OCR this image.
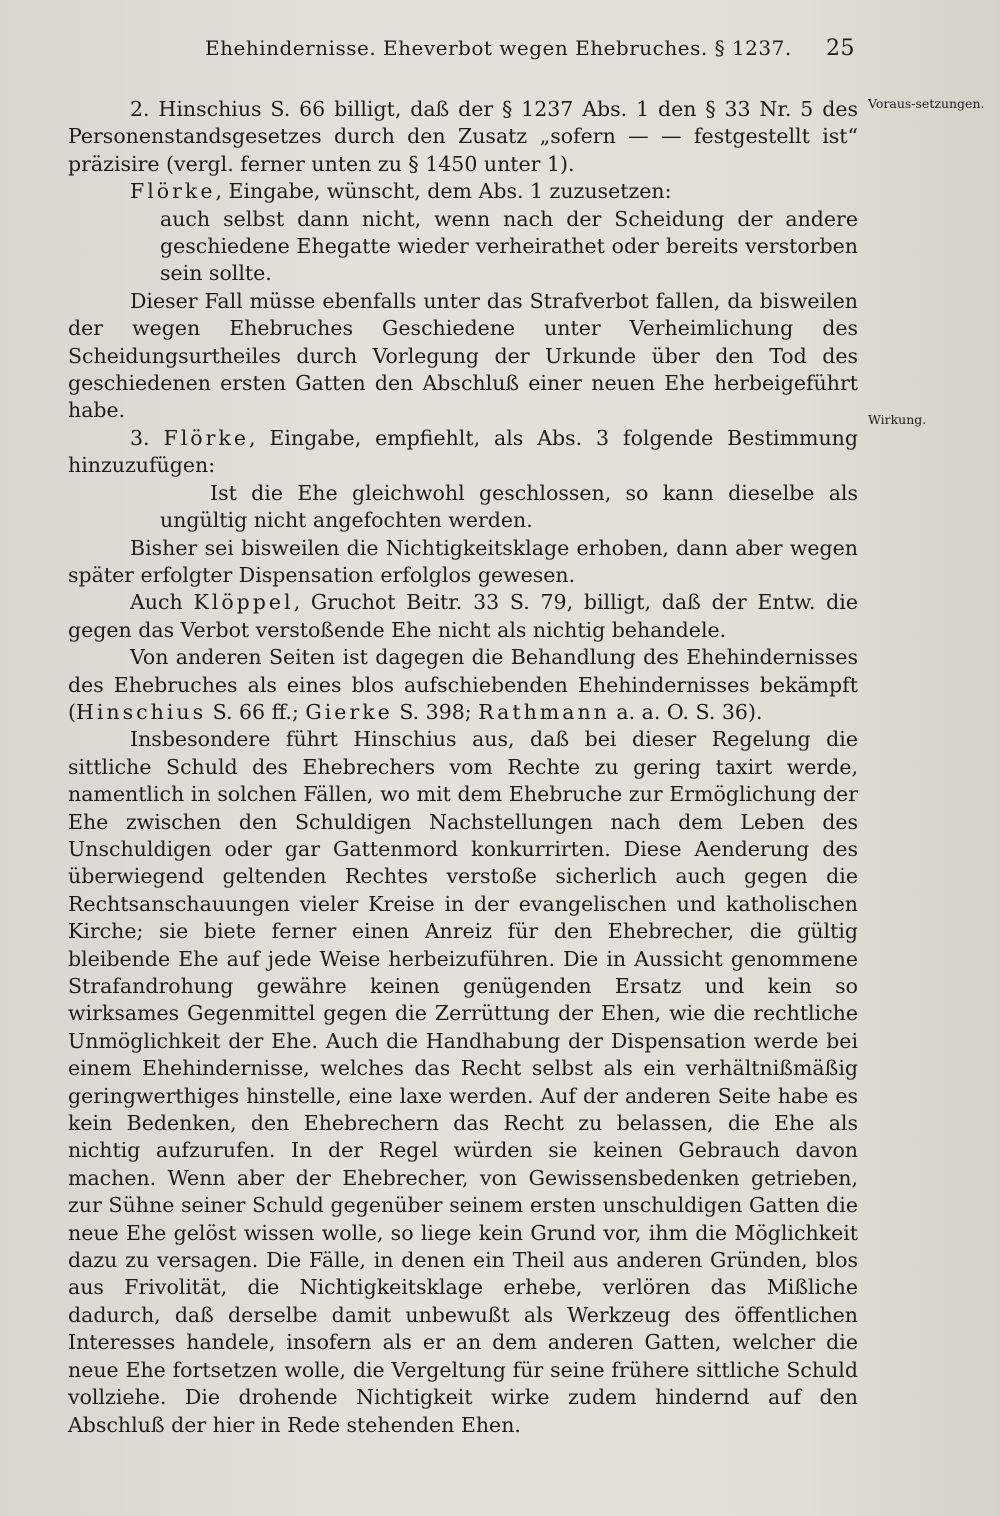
Ehehindernisse. Eheverbot wegen Ehebruches. § 1237. 25
Voraus-setzungen.
Wirkung.

2. Hinschius S. 66 billigt, daß der § 1237 Abs. 1 den § 33 Nr. 5 des Personenstandsgesetzes durch den Zusatz „sofern — — festgestellt ist“ präzisire (vergl. ferner unten zu § 1450 unter 1).

Flörke, Eingabe, wünscht, dem Abs. 1 zuzusetzen:

auch selbst dann nicht, wenn nach der Scheidung der andere geschiedene Ehegatte wieder verheirathet oder bereits verstorben sein sollte.

Dieser Fall müsse ebenfalls unter das Strafverbot fallen, da bisweilen der wegen Ehebruches Geschiedene unter Verheimlichung des Scheidungsurtheiles durch Vorlegung der Urkunde über den Tod des geschiedenen ersten Gatten den Abschluß einer neuen Ehe herbeigeführt habe.

3. Flörke, Eingabe, empfiehlt, als Abs. 3 folgende Bestimmung hinzuzufügen:

Ist die Ehe gleichwohl geschlossen, so kann dieselbe als ungültig nicht angefochten werden.

Bisher sei bisweilen die Nichtigkeitsklage erhoben, dann aber wegen später erfolgter Dispensation erfolglos gewesen.

Auch Klöppel, Gruchot Beitr. 33 S. 79, billigt, daß der Entw. die gegen das Verbot verstoßende Ehe nicht als nichtig behandele.

Von anderen Seiten ist dagegen die Behandlung des Ehehindernisses des Ehebruches als eines blos aufschiebenden Ehehindernisses bekämpft (Hinschius S. 66 ff.; Gierke S. 398; Rathmann a. a. O. S. 36).

Insbesondere führt Hinschius aus, daß bei dieser Regelung die sittliche Schuld des Ehebrechers vom Rechte zu gering taxirt werde, namentlich in solchen Fällen, wo mit dem Ehebruche zur Ermöglichung der Ehe zwischen den Schuldigen Nachstellungen nach dem Leben des Unschuldigen oder gar Gattenmord konkurrirten. Diese Aenderung des überwiegend geltenden Rechtes verstoße sicherlich auch gegen die Rechtsanschauungen vieler Kreise in der evangelischen und katholischen Kirche; sie biete ferner einen Anreiz für den Ehebrecher, die gültig bleibende Ehe auf jede Weise herbeizuführen. Die in Aussicht genommene Strafandrohung gewähre keinen genügenden Ersatz und kein so wirksames Gegenmittel gegen die Zerrüttung der Ehen, wie die rechtliche Unmöglichkeit der Ehe. Auch die Handhabung der Dispensation werde bei einem Ehehindernisse, welches das Recht selbst als ein verhältnißmäßig geringwerthiges hinstelle, eine laxe werden. Auf der anderen Seite habe es kein Bedenken, den Ehebrechern das Recht zu belassen, die Ehe als nichtig aufzurufen. In der Regel würden sie keinen Gebrauch davon machen. Wenn aber der Ehebrecher, von Gewissensbedenken getrieben, zur Sühne seiner Schuld gegenüber seinem ersten unschuldigen Gatten die neue Ehe gelöst wissen wolle, so liege kein Grund vor, ihm die Möglichkeit dazu zu versagen. Die Fälle, in denen ein Theil aus anderen Gründen, blos aus Frivolität, die Nichtigkeitsklage erhebe, verlören das Mißliche dadurch, daß derselbe damit unbewußt als Werkzeug des öffentlichen Interesses handele, insofern als er an dem anderen Gatten, welcher die neue Ehe fortsetzen wolle, die Vergeltung für seine frühere sittliche Schuld vollziehe. Die drohende Nichtigkeit wirke zudem hindernd auf den Abschluß der hier in Rede stehenden Ehen.
